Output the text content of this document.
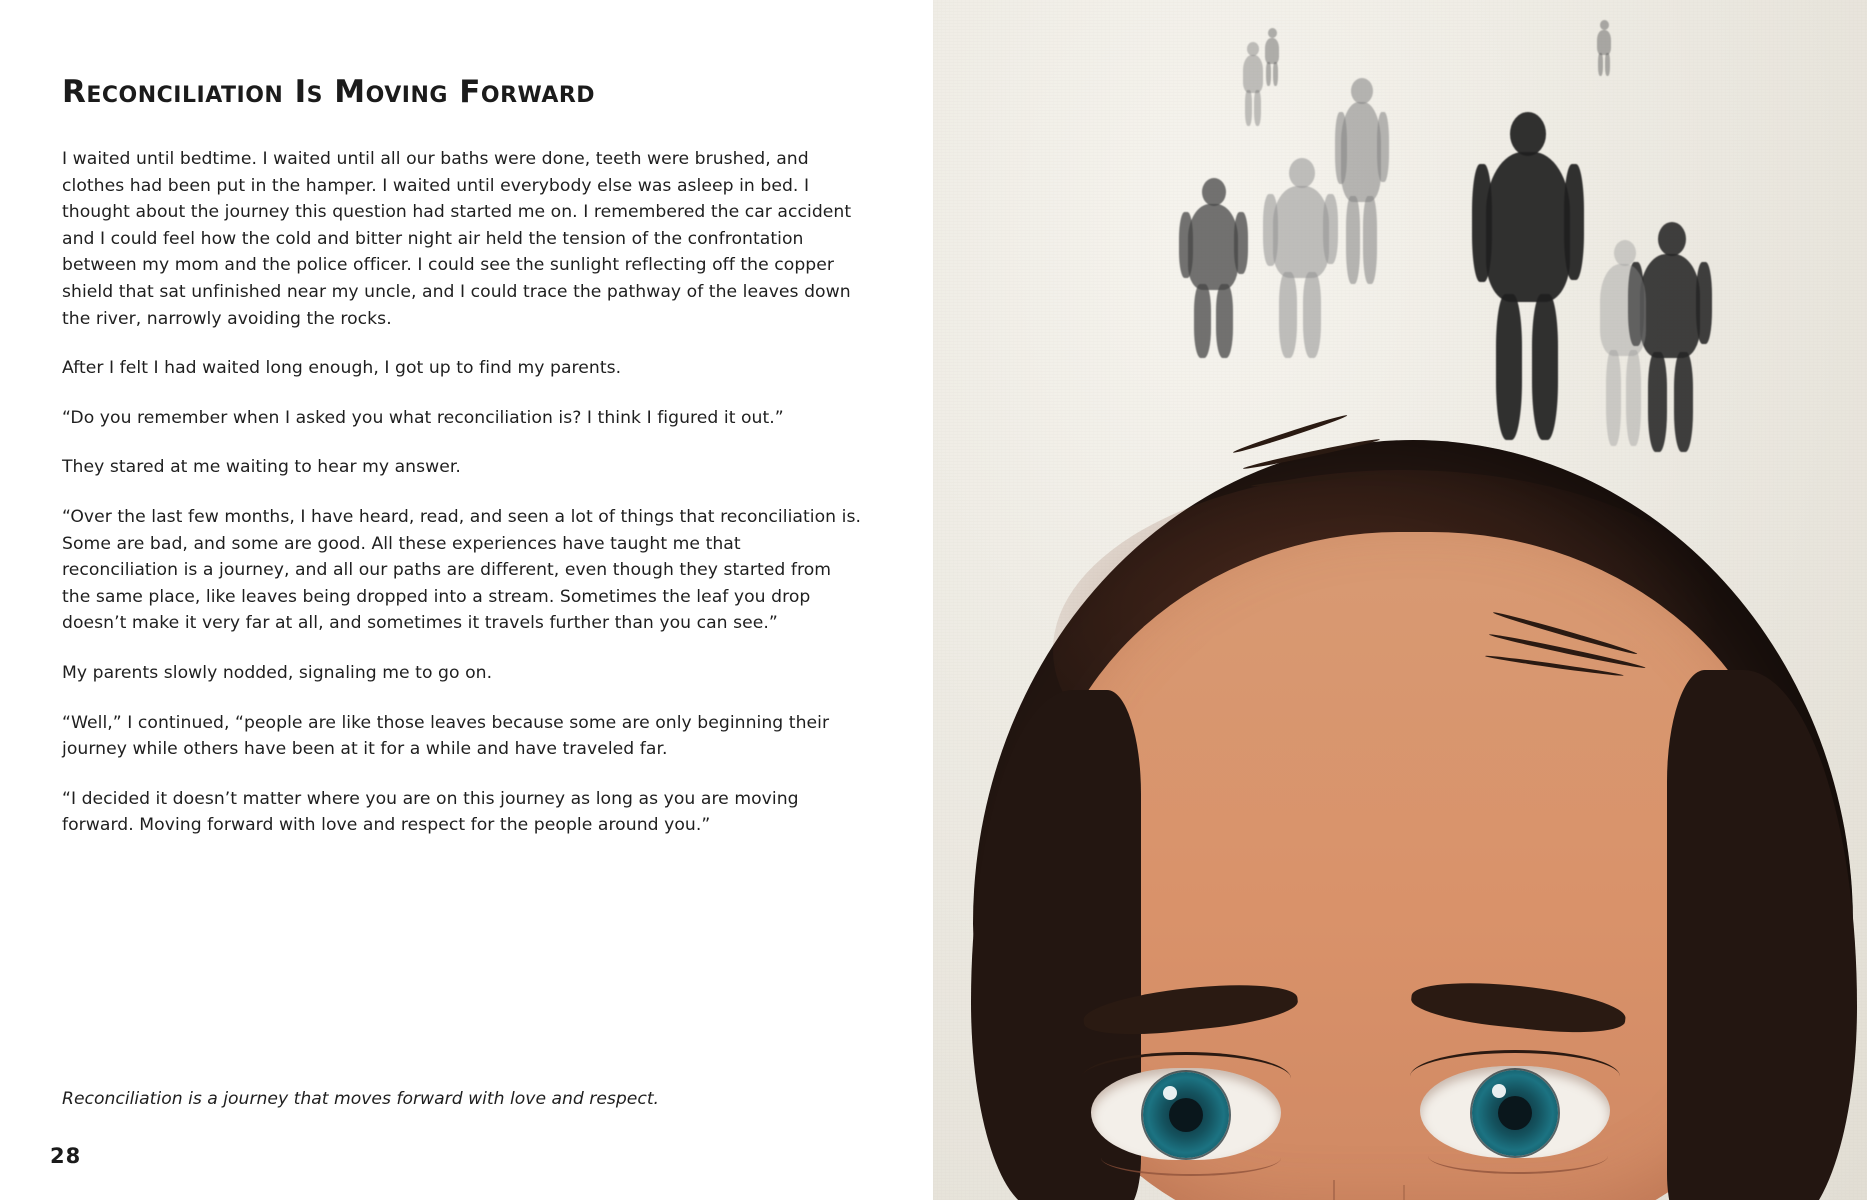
Reconciliation Is Moving Forward

I waited until bedtime. I waited until all our baths were done, teeth were brushed, and clothes had been put in the hamper. I waited until everybody else was asleep in bed. I thought about the journey this question had started me on. I remembered the car accident and I could feel how the cold and bitter night air held the tension of the confrontation between my mom and the police officer. I could see the sunlight reflecting off the copper shield that sat unfinished near my uncle, and I could trace the pathway of the leaves down the river, narrowly avoiding the rocks.

After I felt I had waited long enough, I got up to find my parents.

“Do you remember when I asked you what reconciliation is? I think I figured it out.”

They stared at me waiting to hear my answer.

“Over the last few months, I have heard, read, and seen a lot of things that reconciliation is. Some are bad, and some are good. All these experiences have taught me that reconciliation is a journey, and all our paths are different, even though they started from the same place, like leaves being dropped into a stream. Sometimes the leaf you drop doesn’t make it very far at all, and sometimes it travels further than you can see.”

My parents slowly nodded, signaling me to go on.

“Well,” I continued, “people are like those leaves because some are only beginning their journey while others have been at it for a while and have traveled far.

“I decided it doesn’t matter where you are on this journey as long as you are moving forward. Moving forward with love and respect for the people around you.”

Reconciliation is a journey that moves forward with love and respect.

28
